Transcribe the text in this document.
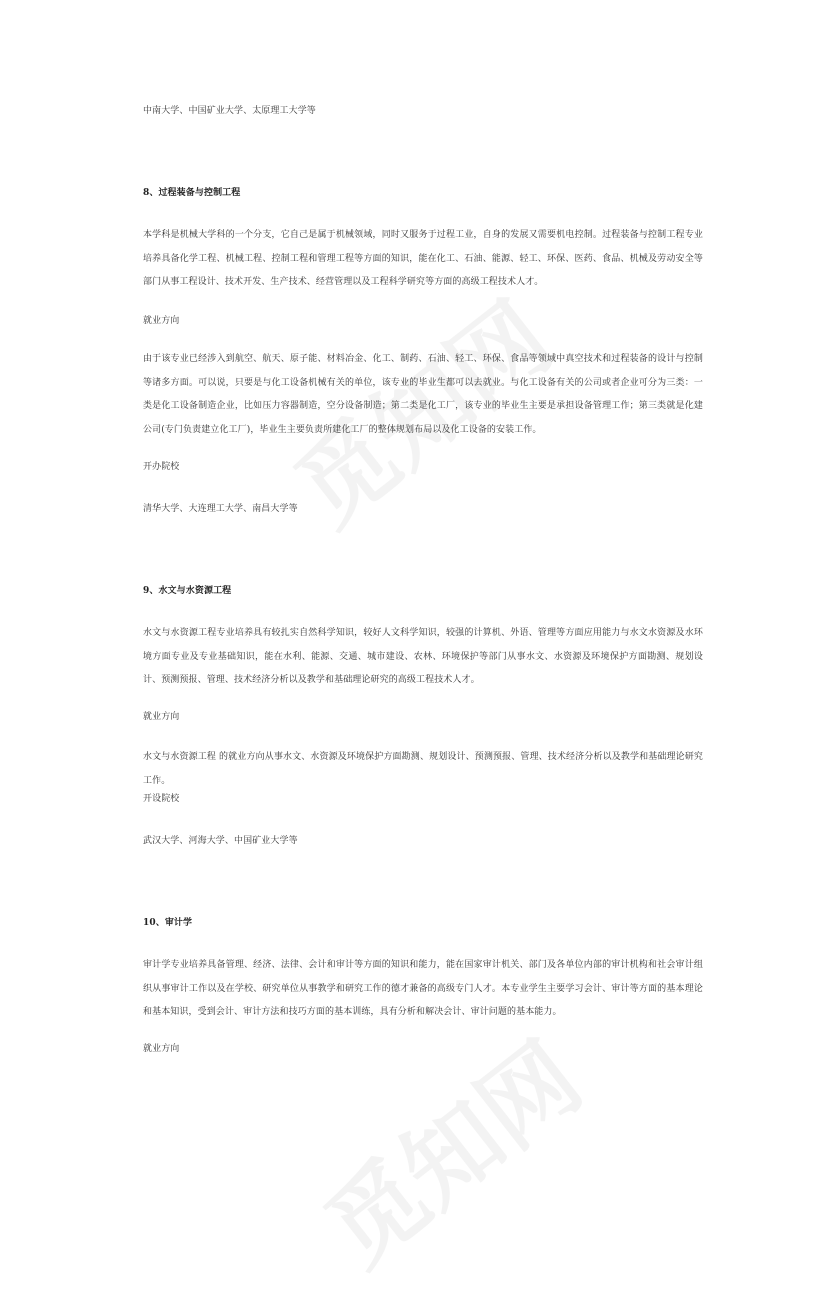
中南大学、中国矿业大学、太原理工大学等

8、过程装备与控制工程

本学科是机械大学科的一个分支，它自己是属于机械领域，同时又服务于过程工业，自身的发展又需要机电控制。过程装备与控制工程专业培养具备化学工程、机械工程、控制工程和管理工程等方面的知识，能在化工、石油、能源、轻工、环保、医药、食品、机械及劳动安全等部门从事工程设计、技术开发、生产技术、经营管理以及工程科学研究等方面的高级工程技术人才。

就业方向

由于该专业已经涉入到航空、航天、原子能、材料冶金、化工、制药、石油、轻工、环保、食品等领域中真空技术和过程装备的设计与控制等诸多方面。可以说，只要是与化工设备机械有关的单位，该专业的毕业生都可以去就业。与化工设备有关的公司或者企业可分为三类：一类是化工设备制造企业，比如压力容器制造，空分设备制造；第二类是化工厂，该专业的毕业生主要是承担设备管理工作；第三类就是化建公司(专门负责建立化工厂)，毕业生主要负责所建化工厂的整体规划布局以及化工设备的安装工作。

开办院校

清华大学、大连理工大学、南昌大学等

9、水文与水资源工程

水文与水资源工程专业培养具有较扎实自然科学知识，较好人文科学知识，较强的计算机、外语、管理等方面应用能力与水文水资源及水环境方面专业及专业基础知识，能在水利、能源、交通、城市建设、农林、环境保护等部门从事水文、水资源及环境保护方面勘测、规划设计、预测预报、管理、技术经济分析以及教学和基础理论研究的高级工程技术人才。

就业方向

水文与水资源工程 的就业方向从事水文、水资源及环境保护方面勘测、规划设计、预测预报、管理、技术经济分析以及教学和基础理论研究工作。

开设院校

武汉大学、河海大学、中国矿业大学等

10、审计学

审计学专业培养具备管理、经济、法律、会计和审计等方面的知识和能力，能在国家审计机关、部门及各单位内部的审计机构和社会审计组织从事审计工作以及在学校、研究单位从事教学和研究工作的德才兼备的高级专门人才。本专业学生主要学习会计、审计等方面的基本理论和基本知识，受到会计、审计方法和技巧方面的基本训练，具有分析和解决会计、审计问题的基本能力。

就业方向
